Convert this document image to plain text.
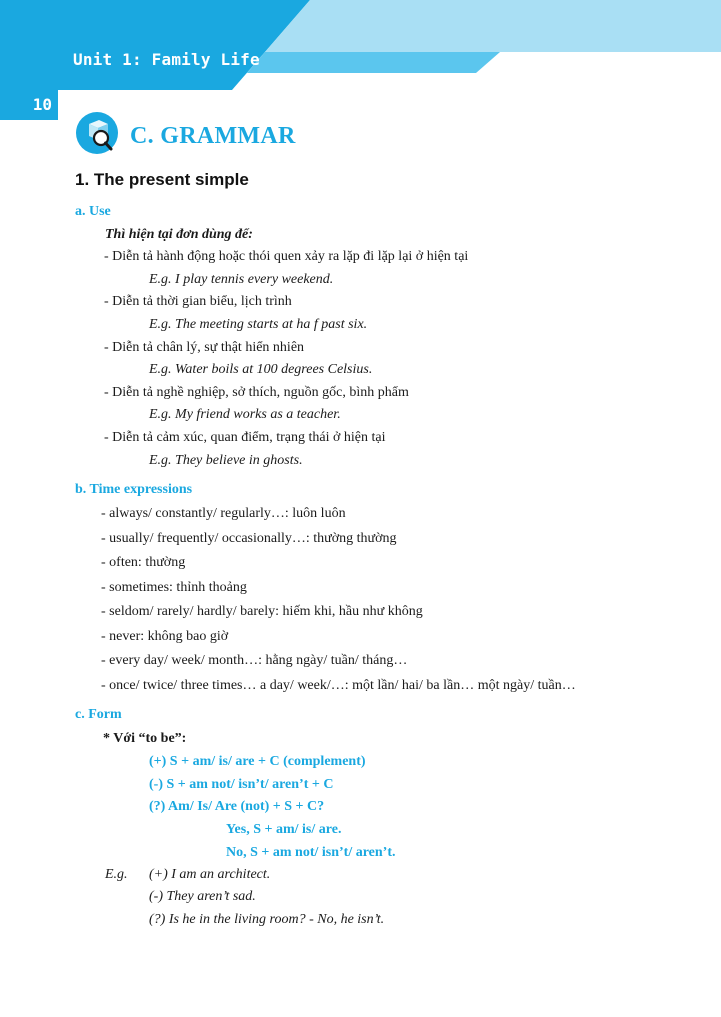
Unit 1: Family Life
10
C. GRAMMAR
1. The present simple
a. Use
Thì hiện tại đơn dùng để:
- Diễn tả hành động hoặc thói quen xảy ra lặp đi lặp lại ở hiện tại
E.g. I play tennis every weekend.
- Diễn tả thời gian biểu, lịch trình
E.g. The meeting starts at ha f past six.
- Diễn tả chân lý, sự thật hiển nhiên
E.g. Water boils at 100 degrees Celsius.
- Diễn tả nghề nghiệp, sở thích, nguồn gốc, bình phẩm
E.g. My friend works as a teacher.
- Diễn tả cảm xúc, quan điểm, trạng thái ở hiện tại
E.g. They believe in ghosts.
b. Time expressions
- always/ constantly/ regularly…: luôn luôn
- usually/ frequently/ occasionally…: thường thường
- often: thường
- sometimes: thỉnh thoảng
- seldom/ rarely/ hardly/ barely: hiếm khi, hầu như không
- never: không bao giờ
- every day/ week/ month…: hằng ngày/ tuần/ tháng…
- once/ twice/ three times… a day/ week/…: một lần/ hai/ ba lần… một ngày/ tuần…
c. Form
* Với “to be”:
(+) S + am/ is/ are + C (complement)
(-) S + am not/ isn’t/ aren’t + C
(?) Am/ Is/ Are (not) + S + C?
Yes, S + am/ is/ are.
No, S + am not/ isn’t/ aren’t.
E.g. (+) I am an architect.
(-) They aren’t sad.
(?) Is he in the living room? - No, he isn’t.
